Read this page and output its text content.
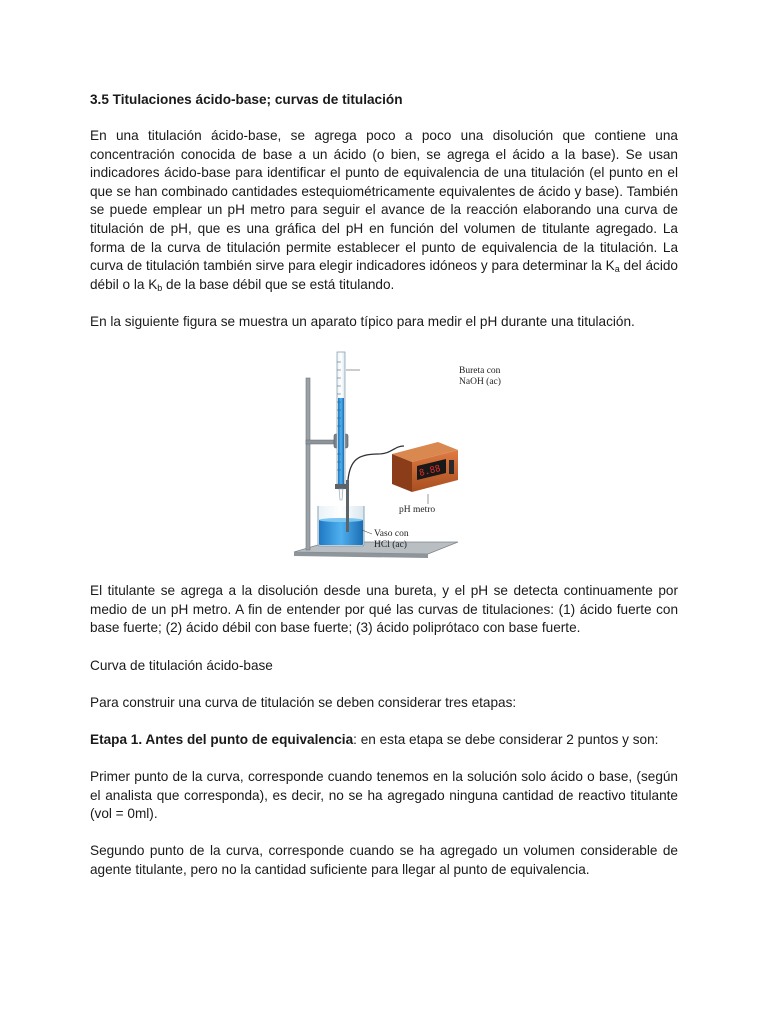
3.5 Titulaciones ácido-base; curvas de titulación

En una titulación ácido-base, se agrega poco a poco una disolución que contiene una concentración conocida de base a un ácido (o bien, se agrega el ácido a la base). Se usan indicadores ácido-base para identificar el punto de equivalencia de una titulación (el punto en el que se han combinado cantidades estequiométricamente equivalentes de ácido y base). También se puede emplear un pH metro para seguir el avance de la reacción elaborando una curva de titulación de pH, que es una gráfica del pH en función del volumen de titulante agregado. La forma de la curva de titulación permite establecer el punto de equivalencia de la titulación. La curva de titulación también sirve para elegir indicadores idóneos y para determinar la $K_a$ del ácido débil o la $K_b$ de la base débil que se está titulando.

En la siguiente figura se muestra un aparato típico para medir el pH durante una titulación.

8.88
Bureta con
NaOH (ac)
pH metro
Vaso con
HCl (ac)

El titulante se agrega a la disolución desde una bureta, y el pH se detecta continuamente por medio de un pH metro. A fin de entender por qué las curvas de titulaciones: (1) ácido fuerte con base fuerte; (2) ácido débil con base fuerte; (3) ácido poliprótaco con base fuerte.

Curva de titulación ácido-base

Para construir una curva de titulación se deben considerar tres etapas:

Etapa 1. Antes del punto de equivalencia: en esta etapa se debe considerar 2 puntos y son:

Primer punto de la curva, corresponde cuando tenemos en la solución solo ácido o base, (según el analista que corresponda), es decir, no se ha agregado ninguna cantidad de reactivo titulante (vol = 0ml).

Segundo punto de la curva, corresponde cuando se ha agregado un volumen considerable de agente titulante, pero no la cantidad suficiente para llegar al punto de equivalencia.
